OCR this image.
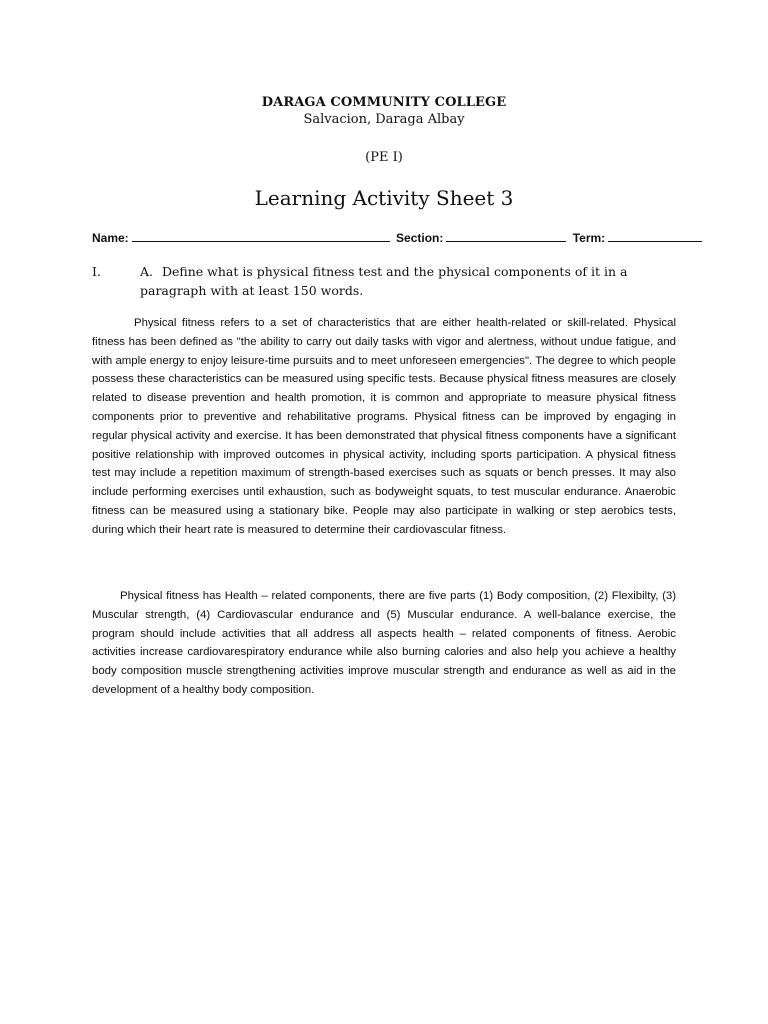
DARAGA COMMUNITY COLLEGE
Salvacion, Daraga Albay
(PE I)
Learning Activity Sheet 3
Name:	Section:	Term:
I.	A. Define what is physical fitness test and the physical components of it in a paragraph with at least 150 words.

Physical fitness refers to a set of characteristics that are either health-related or skill-related. Physical fitness has been defined as "the ability to carry out daily tasks with vigor and alertness, without undue fatigue, and with ample energy to enjoy leisure-time pursuits and to meet unforeseen emergencies". The degree to which people possess these characteristics can be measured using specific tests. Because physical fitness measures are closely related to disease prevention and health promotion, it is common and appropriate to measure physical fitness components prior to preventive and rehabilitative programs. Physical fitness can be improved by engaging in regular physical activity and exercise. It has been demonstrated that physical fitness components have a significant positive relationship with improved outcomes in physical activity, including sports participation. A physical fitness test may include a repetition maximum of strength-based exercises such as squats or bench presses. It may also include performing exercises until exhaustion, such as bodyweight squats, to test muscular endurance. Anaerobic fitness can be measured using a stationary bike. People may also participate in walking or step aerobics tests, during which their heart rate is measured to determine their cardiovascular fitness.

Physical fitness has Health – related components, there are five parts (1) Body composition, (2) Flexibilty, (3) Muscular strength, (4) Cardiovascular endurance and (5) Muscular endurance. A well-balance exercise, the program should include activities that all address all aspects health – related components of fitness. Aerobic activities increase cardiovarespiratory endurance while also burning calories and also help you achieve a healthy body composition muscle strengthening activities improve muscular strength and endurance as well as aid in the development of a healthy body composition.
